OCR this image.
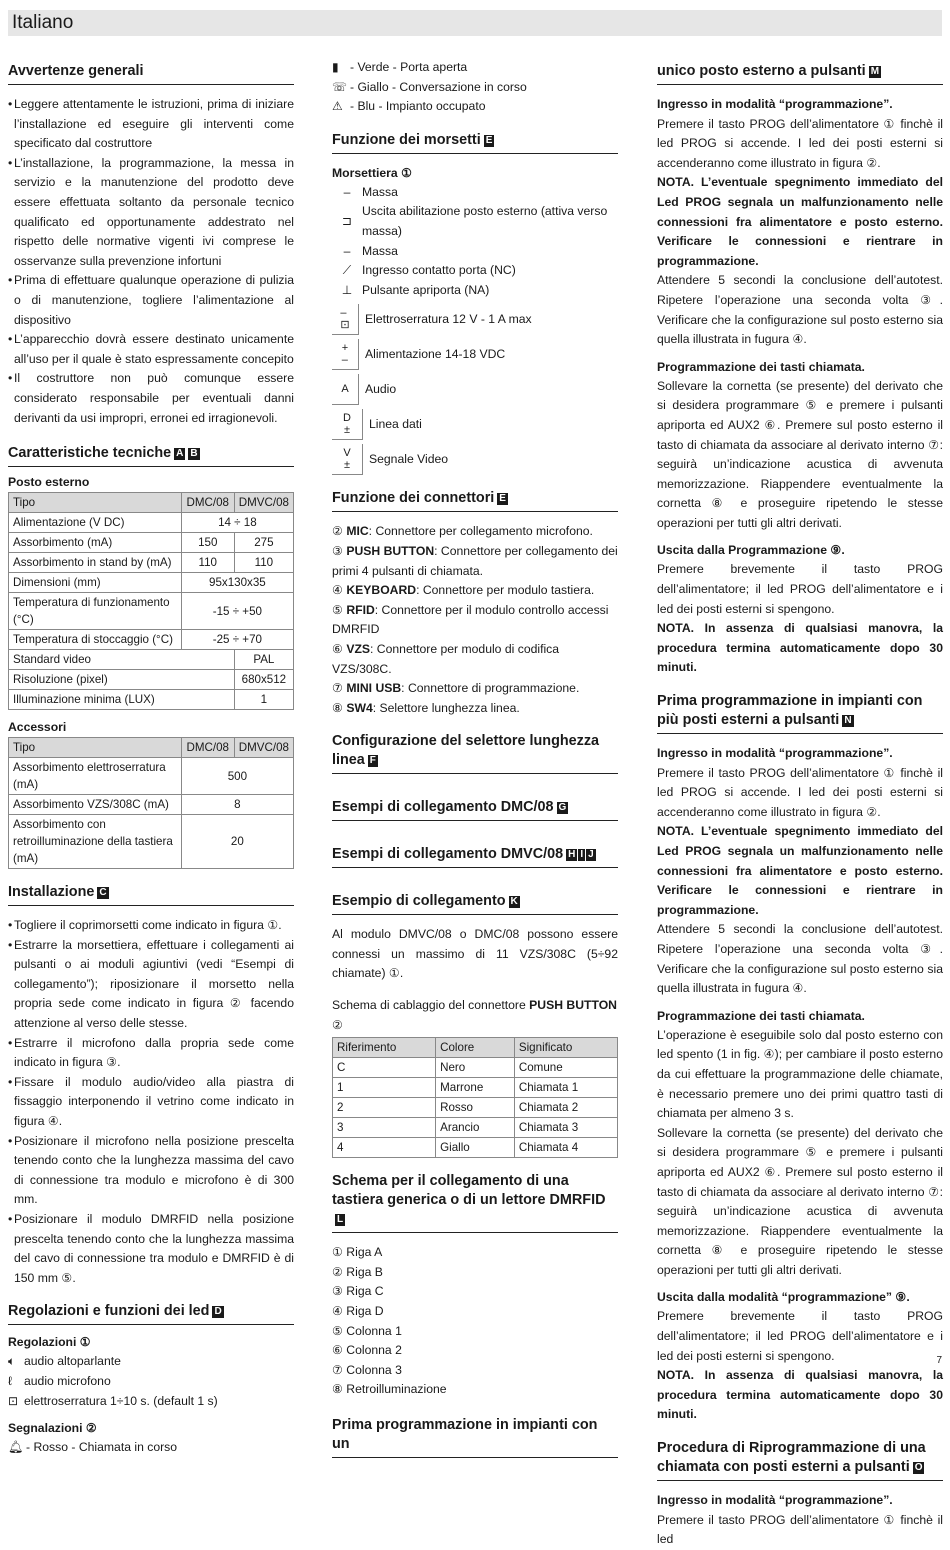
Italiano
Avvertenze generali
• Leggere attentamente le istruzioni, prima di iniziare l’installazione ed eseguire gli interventi come specificato dal costruttore
• L’installazione, la programmazione, la messa in servizio e la manutenzione del prodotto deve essere effettuata soltanto da personale tecnico qualificato ed opportunamente addestrato nel rispetto delle normative vigenti ivi comprese le osservanze sulla prevenzione infortuni
• Prima di effettuare qualunque operazione di pulizia o di manutenzione, togliere l’alimentazione al dispositivo
• L’apparecchio dovrà essere destinato unicamente all’uso per il quale è stato espressamente concepito
• Il costruttore non può comunque essere considerato responsabile per eventuali danni derivanti da usi impropri, erronei ed irragionevoli.
Caratteristiche tecniche A B
Posto esterno
Tipo	DMC/08	DMVC/08
Alimentazione (V DC)	14 ÷ 18	
Assorbimento (mA)	150	275
Assorbimento in stand by (mA)	110	110
Dimensioni (mm)	95x130x35	
Temperatura di funzionamento (°C)	-15 ÷ +50	
Temperatura di stoccaggio (°C)	-25 ÷ +70	
Standard video		PAL
Risoluzione (pixel)		680x512
Illuminazione minima (LUX)		1
Accessori
Tipo	DMC/08	DMVC/08
Assorbimento elettroserratura (mA)	500	
Assorbimento VZS/308C (mA)	8	
Assorbimento con retroilluminazione della tastiera (mA)	20	
Installazione C
• Togliere il coprimorsetti come indicato in figura ①.
• Estrarre la morsettiera, effettuare i collegamenti ai pulsanti o ai moduli agiuntivi (vedi “Esempi di collegamento”); riposizionare il morsetto nella propria sede come indicato in figura ② facendo attenzione al verso delle stesse.
• Estrarre il microfono dalla propria sede come indicato in figura ③.
• Fissare il modulo audio/video alla piastra di fissaggio interponendo il vetrino come indicato in figura ④.
• Posizionare il microfono nella posizione prescelta tenendo conto che la lunghezza massima del cavo di connessione tra modulo e microfono è di 300 mm.
• Posizionare il modulo DMRFID nella posizione prescelta tenendo conto che la lunghezza massima del cavo di connessione tra modulo e DMRFID è di 150 mm ⑤.
Regolazioni e funzioni dei led D
Regolazioni ①
🔈︎ audio altoparlante
ℓ audio microfono
⊡ elettroserratura 1÷10 s. (default 1 s)
Segnalazioni ②
🔔︎ - Rosso - Chiamata in corso
▮ - Verde - Porta aperta
☏ - Giallo - Conversazione in corso
⚠︎ - Blu - Impianto occupato
Funzione dei morsetti E
Morsettiera ①
– Massa
⊐
Uscita abilitazione posto esterno (attiva verso massa)
– Massa
⟋ Ingresso contatto porta (NC)
⊥ Pulsante apriporta (NA)
–
⊡	Elettroserratura 12 V - 1 A max
+
–	Alimentazione 14-18 VDC
A	Audio
D
± Linea dati
V
± Segnale Video
Funzione dei connettori E

② MIC: Connettore per collegamento microfono.

③ PUSH BUTTON: Connettore per collegamento dei primi 4 pulsanti di chiamata.

④ KEYBOARD: Connettore per modulo tastiera.

⑤ RFID: Connettore per il modulo controllo accessi DMRFID

⑥ VZS: Connettore per modulo di codifica VZS/308C.

⑦ MINI USB: Connettore di programmazione.

⑧ SW4: Selettore lunghezza linea.

Configurazione del selettore lunghezza linea F
Esempi di collegamento DMC/08 G
Esempi di collegamento DMVC/08 H I J
Esempio di collegamento K

Al modulo DMVC/08 o DMC/08 possono essere connessi un massimo di 11 VZS/308C (5÷92 chiamate) ①.

Schema di cablaggio del connettore PUSH BUTTON ②

Riferimento	Colore	Significato
C	Nero	Comune
1	Marrone	Chiamata 1
2	Rosso	Chiamata 2
3	Arancio	Chiamata 3
4	Giallo	Chiamata 4
Schema per il collegamento di una tastiera generica o di un lettore DMRFIDL

① Riga A

② Riga B

③ Riga C

④ Riga D

⑤ Colonna 1

⑥ Colonna 2

⑦ Colonna 3

⑧ Retroilluminazione

Prima programmazione in impianti con un
unico posto esterno a pulsanti M

Ingresso in modalità “programmazione”.

Premere il tasto PROG dell’alimentatore ① finchè il led PROG si accende. I led dei posti esterni si accenderanno come illustrato in figura ②.

NOTA. L’eventuale spegnimento immediato del Led PROG segnala un malfunzionamento nelle connessioni fra alimentatore e posto esterno. Verificare le connessioni e rientrare in programmazione.

Attendere 5 secondi la conclusione dell’autotest. Ripetere l’operazione una seconda volta ③. Verificare che la configurazione sul posto esterno sia quella illustrata in fugura ④.

Programmazione dei tasti chiamata.

Sollevare la cornetta (se presente) del derivato che si desidera programmare ⑤ e premere i pulsanti apriporta ed AUX2 ⑥. Premere sul posto esterno il tasto di chiamata da associare al derivato interno ⑦: seguirà un’indicazione acustica di avvenuta memorizzazione. Riappendere eventualmente la cornetta ⑧ e proseguire ripetendo le stesse operazioni per tutti gli altri derivati.

Uscita dalla Programmazione ⑨.

Premere brevemente il tasto PROG dell’alimentatore; il led PROG dell’alimentatore e i led dei posti esterni si spengono.

NOTA. In assenza di qualsiasi manovra, la procedura termina automaticamente dopo 30 minuti.

Prima programmazione in impianti con più posti esterni a pulsanti N

Ingresso in modalità “programmazione”.

Premere il tasto PROG dell’alimentatore ① finchè il led PROG si accende. I led dei posti esterni si accenderanno come illustrato in figura ②.

NOTA. L’eventuale spegnimento immediato del Led PROG segnala un malfunzionamento nelle connessioni fra alimentatore e posto esterno. Verificare le connessioni e rientrare in programmazione.

Attendere 5 secondi la conclusione dell’autotest. Ripetere l’operazione una seconda volta ③. Verificare che la configurazione sul posto esterno sia quella illustrata in fugura ④.

Programmazione dei tasti chiamata.

L’operazione è eseguibile solo dal posto esterno con led spento (1 in fig. ④); per cambiare il posto esterno da cui effettuare la programmazione delle chiamate, è necessario premere uno dei primi quattro tasti di chiamata per almeno 3 s.

Sollevare la cornetta (se presente) del derivato che si desidera programmare ⑤ e premere i pulsanti apriporta ed AUX2 ⑥. Premere sul posto esterno il tasto di chiamata da associare al derivato interno ⑦: seguirà un’indicazione acustica di avvenuta memorizzazione. Riappendere eventualmente la cornetta ⑧ e proseguire ripetendo le stesse operazioni per tutti gli altri derivati.

Uscita dalla modalità “programmazione” ⑨.

Premere brevemente il tasto PROG dell’alimentatore; il led PROG dell’alimentatore e i led dei posti esterni si spengono.

NOTA. In assenza di qualsiasi manovra, la procedura termina automaticamente dopo 30 minuti.

Procedura di Riprogrammazione di una chiamata con posti esterni a pulsanti O

Ingresso in modalità “programmazione”.

Premere il tasto PROG dell’alimentatore ① finchè il led

7
